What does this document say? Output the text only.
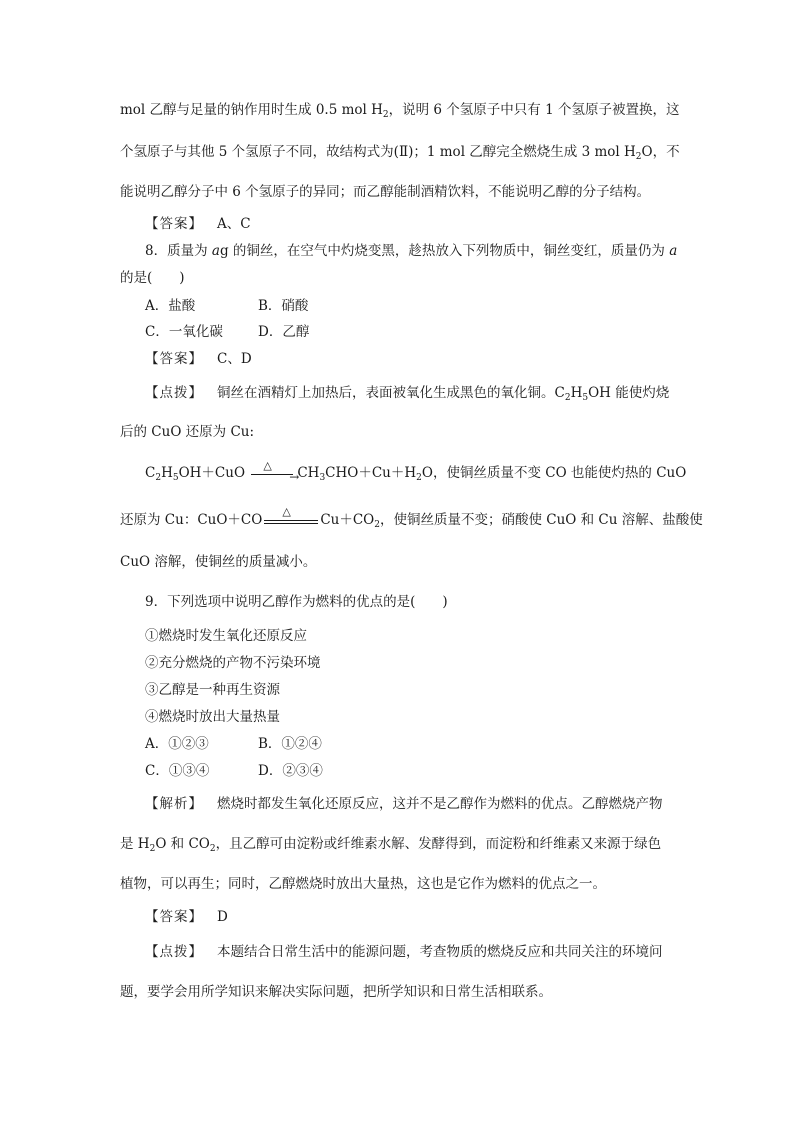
mol 乙醇与足量的钠作用时生成 0.5 mol $H_2$，说明 6 个氢原子中只有 1 个氢原子被置换，这
个氢原子与其他 5 个氢原子不同，故结构式为(Ⅱ)；1 mol 乙醇完全燃烧生成 3 mol $H_2O$，不
能说明乙醇分子中 6 个氢原子的异同；而乙醇能制酒精饮料，不能说明乙醇的分子结构。
【答案】 A、C
8．质量为 ag 的铜丝，在空气中灼烧变黑，趁热放入下列物质中，铜丝变红，质量仍为 a
的是(　　)
A．盐酸	B．硝酸
C．一氧化碳	D．乙醇
【答案】 C、D
【点拨】 铜丝在酒精灯上加热后，表面被氧化生成黑色的氧化铜。$C_2H_5OH$ 能使灼烧
后的 CuO 还原为 Cu:
$C_2H_5OH+CuO$ △
→
$CH_3CHO+Cu+H_2O$，使铜丝质量不变 CO 也能使灼热的 CuO
还原为 Cu：CuO＋CO
△
$Cu+CO_2$，使铜丝质量不变；硝酸使 CuO 和 Cu 溶解、盐酸使
CuO 溶解，使铜丝的质量减小。
9．下列选项中说明乙醇作为燃料的优点的是(　　)
①燃烧时发生氧化还原反应
②充分燃烧的产物不污染环境
③乙醇是一种再生资源
④燃烧时放出大量热量
A．①②③	B．①②④
C．①③④	D．②③④
【解析】 燃烧时都发生氧化还原反应，这并不是乙醇作为燃料的优点。乙醇燃烧产物
是 $H_2O$ 和 $CO_2$，且乙醇可由淀粉或纤维素水解、发酵得到，而淀粉和纤维素又来源于绿色
植物，可以再生；同时，乙醇燃烧时放出大量热，这也是它作为燃料的优点之一。
【答案】 D
【点拨】 本题结合日常生活中的能源问题，考查物质的燃烧反应和共同关注的环境问
题，要学会用所学知识来解决实际问题，把所学知识和日常生活相联系。
